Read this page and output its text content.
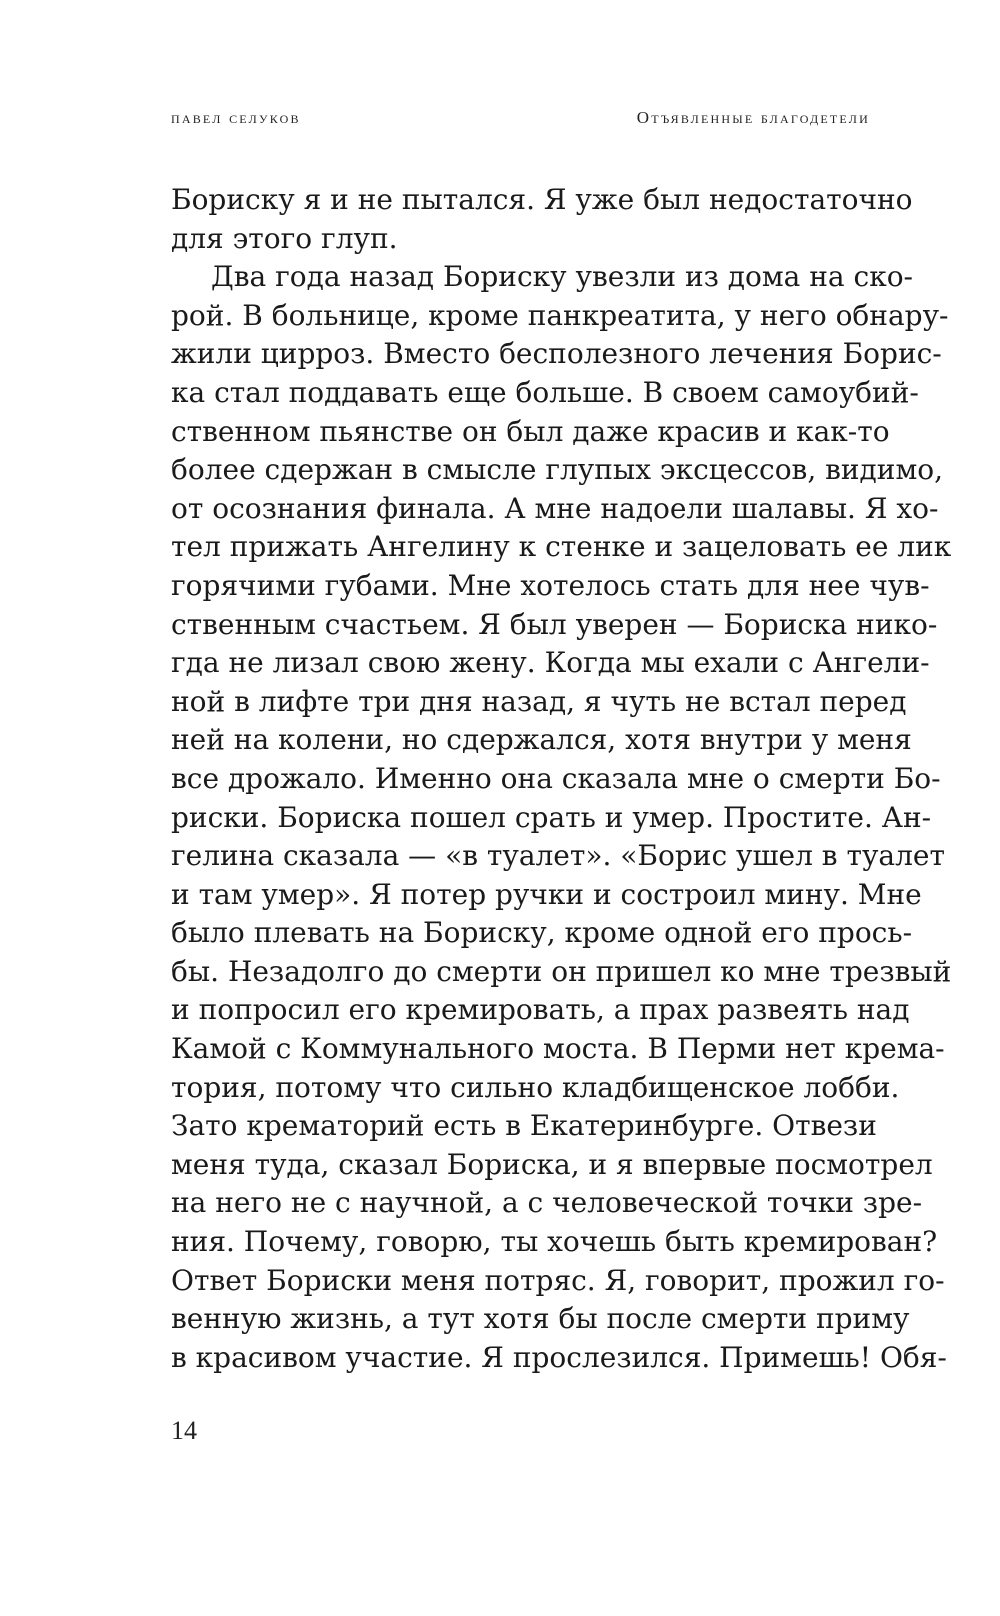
павел селуков	Отъявленные благодетели
Бориску я и не пытался. Я уже был недостаточно
для этого глуп.
Два года назад Бориску увезли из дома на ско-
рой. В больнице, кроме панкреатита, у него обнару-
жили цирроз. Вместо бесполезного лечения Борис-
ка стал поддавать еще больше. В своем самоубий-
ственном пьянстве он был даже красив и как-то
более сдержан в смысле глупых эксцессов, видимо,
от осознания финала. А мне надоели шалавы. Я хо-
тел прижать Ангелину к стенке и зацеловать ее лик
горячими губами. Мне хотелось стать для нее чув-
ственным счастьем. Я был уверен — Бориска нико-
гда не лизал свою жену. Когда мы ехали с Ангели-
ной в лифте три дня назад, я чуть не встал перед
ней на колени, но сдержался, хотя внутри у меня
все дрожало. Именно она сказала мне о смерти Бо-
риски. Бориска пошел срать и умер. Простите. Ан-
гелина сказала — «в туалет». «Борис ушел в туалет
и там умер». Я потер ручки и состроил мину. Мне
было плевать на Бориску, кроме одной его прось-
бы. Незадолго до смерти он пришел ко мне трезвый
и попросил его кремировать, а прах развеять над
Камой с Коммунального моста. В Перми нет крема-
тория, потому что сильно кладбищенское лобби.
Зато крематорий есть в Екатеринбурге. Отвези
меня туда, сказал Бориска, и я впервые посмотрел
на него не с научной, а с человеческой точки зре-
ния. Почему, говорю, ты хочешь быть кремирован?
Ответ Бориски меня потряс. Я, говорит, прожил го-
венную жизнь, а тут хотя бы после смерти приму
в красивом участие. Я прослезился. Примешь! Обя-
14
